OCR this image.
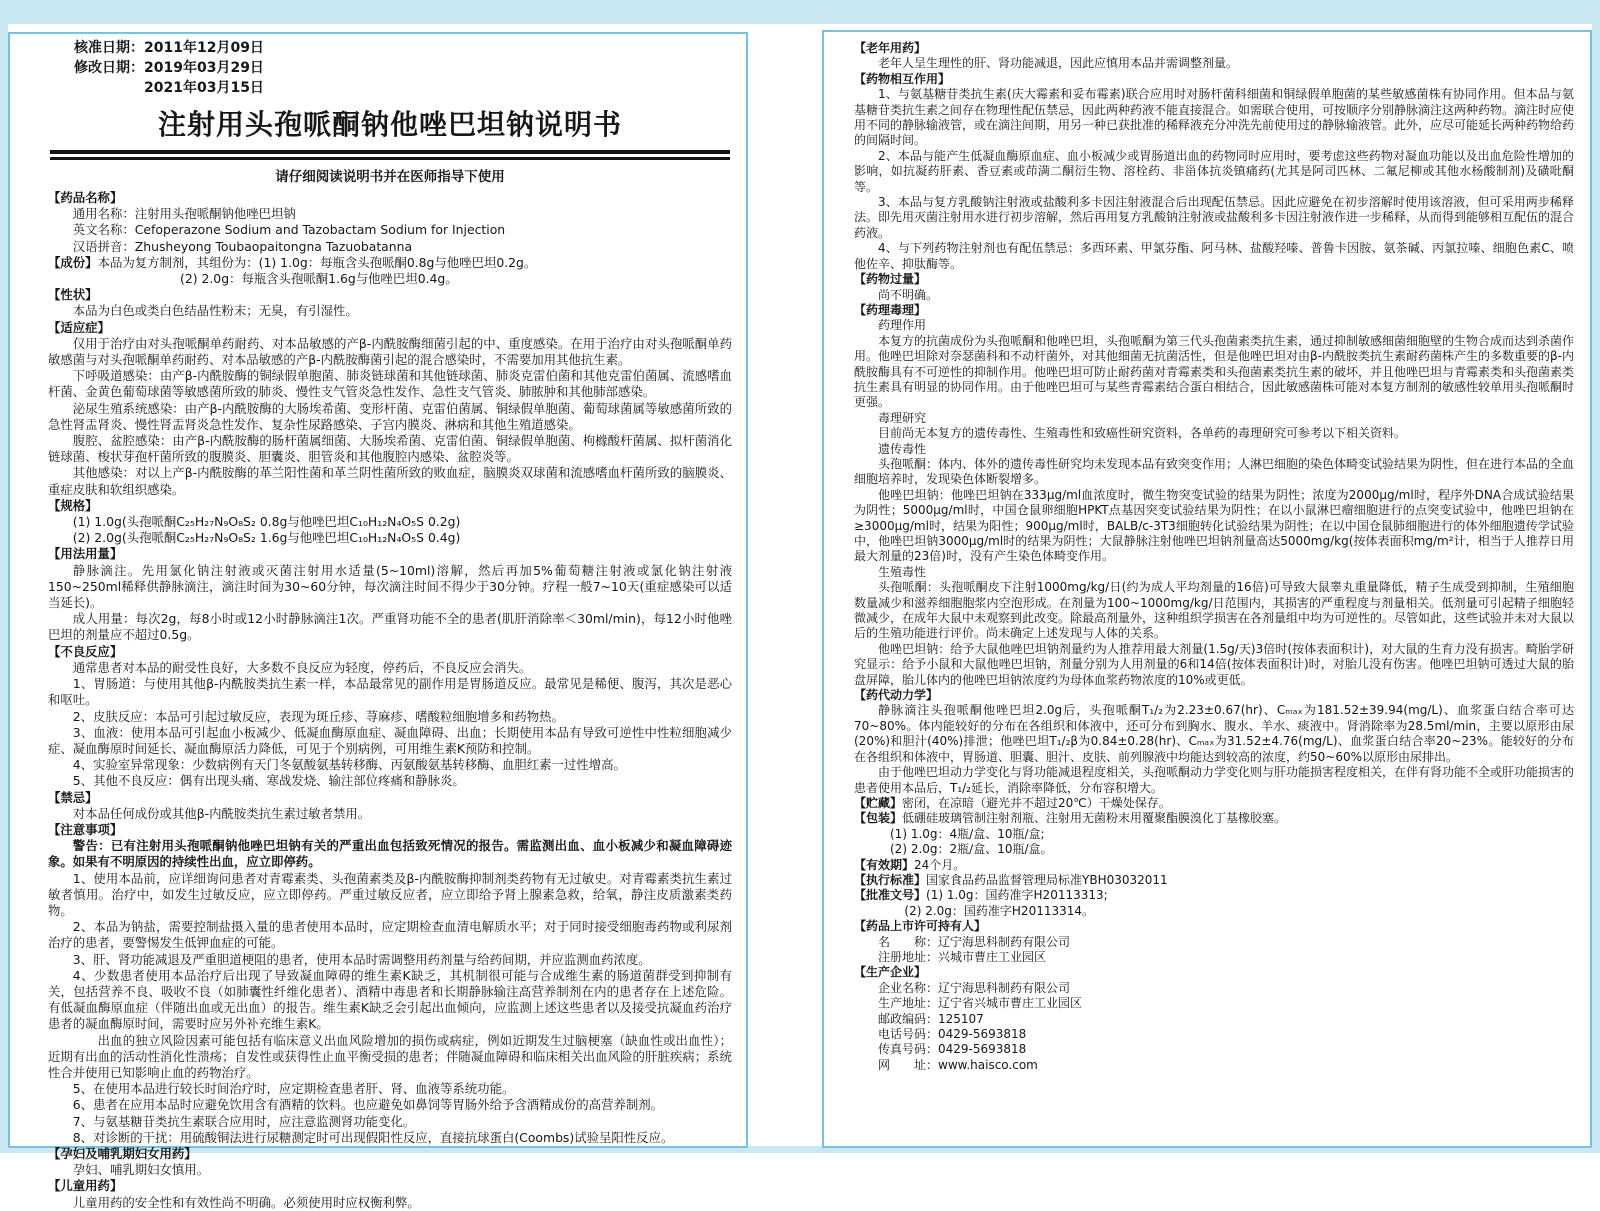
核准日期：2011年12月09日
修改日期：2019年03月29日
2021年03月15日
注射用头孢哌酮钠他唑巴坦钠说明书
请仔细阅读说明书并在医师指导下使用
【药品名称】
通用名称：注射用头孢哌酮钠他唑巴坦钠
英文名称：Cefoperazone Sodium and Tazobactam Sodium for Injection
汉语拼音：Zhusheyong Toubaopaitongna Tazuobatanna
【成份】本品为复方制剂，其组份为：(1) 1.0g：每瓶含头孢哌酮0.8g与他唑巴坦0.2g。
(2) 2.0g：每瓶含头孢哌酮1.6g与他唑巴坦0.4g。
【性状】
本品为白色或类白色结晶性粉末；无臭，有引湿性。
【适应症】
仅用于治疗由对头孢哌酮单药耐药、对本品敏感的产β-内酰胺酶细菌引起的中、重度感染。在用于治疗由对头孢哌酮单药敏感菌与对头孢哌酮单药耐药、对本品敏感的产β-内酰胺酶菌引起的混合感染时，不需要加用其他抗生素。
下呼吸道感染：由产β-内酰胺酶的铜绿假单胞菌、肺炎链球菌和其他链球菌、肺炎克雷伯菌和其他克雷伯菌属、流感嗜血杆菌、金黄色葡萄球菌等敏感菌所致的肺炎、慢性支气管炎急性发作、急性支气管炎、肺脓肿和其他肺部感染。
泌尿生殖系统感染：由产β-内酰胺酶的大肠埃希菌、变形杆菌、克雷伯菌属、铜绿假单胞菌、葡萄球菌属等敏感菌所致的急性肾盂肾炎、慢性肾盂肾炎急性发作、复杂性尿路感染、子宫内膜炎、淋病和其他生殖道感染。
腹腔、盆腔感染：由产β-内酰胺酶的肠杆菌属细菌、大肠埃希菌、克雷伯菌、铜绿假单胞菌、枸橼酸杆菌属、拟杆菌消化链球菌、梭状芽孢杆菌所致的腹膜炎、胆囊炎、胆管炎和其他腹腔内感染、盆腔炎等。
其他感染：对以上产β-内酰胺酶的革兰阳性菌和革兰阴性菌所致的败血症，脑膜炎双球菌和流感嗜血杆菌所致的脑膜炎、重症皮肤和软组织感染。
【规格】
(1) 1.0g(头孢哌酮C₂₅H₂₇N₉O₈S₂ 0.8g与他唑巴坦C₁₀H₁₂N₄O₅S 0.2g)
(2) 2.0g(头孢哌酮C₂₅H₂₇N₉O₈S₂ 1.6g与他唑巴坦C₁₀H₁₂N₄O₅S 0.4g)
【用法用量】
静脉滴注。先用氯化钠注射液或灭菌注射用水适量(5~10ml)溶解，然后再加5%葡萄糖注射液或氯化钠注射液150~250ml稀释供静脉滴注，滴注时间为30~60分钟，每次滴注时间不得少于30分钟。疗程一般7~10天(重症感染可以适当延长)。
成人用量：每次2g，每8小时或12小时静脉滴注1次。严重肾功能不全的患者(肌肝消除率＜30ml/min)，每12小时他唑巴坦的剂量应不超过0.5g。
【不良反应】
通常患者对本品的耐受性良好，大多数不良反应为轻度，停药后，不良反应会消失。
1、胃肠道：与使用其他β-内酰胺类抗生素一样，本品最常见的副作用是胃肠道反应。最常见是稀便、腹泻，其次是恶心和呕吐。
2、皮肤反应：本品可引起过敏反应，表现为斑丘疹、荨麻疹、嗜酸粒细胞增多和药物热。
3、血液：使用本品可引起血小板减少、低凝血酶原血症、凝血障碍、出血；长期使用本品有导致可逆性中性粒细胞减少症、凝血酶原时间延长、凝血酶原活力降低，可见于个别病例，可用维生素K预防和控制。
4、实验室异常现象：少数病例有天门冬氨酸氨基转移酶、丙氨酸氨基转移酶、血胆红素一过性增高。
5、其他不良反应：偶有出现头痛、寒战发烧、输注部位疼痛和静脉炎。
【禁忌】
对本品任何成份或其他β-内酰胺类抗生素过敏者禁用。
【注意事项】
警告：已有注射用头孢哌酮钠他唑巴坦钠有关的严重出血包括致死情况的报告。需监测出血、血小板减少和凝血障碍迹象。如果有不明原因的持续性出血，应立即停药。
1、使用本品前，应详细询问患者对青霉素类、头孢菌素类及β-内酰胺酶抑制剂类药物有无过敏史。对青霉素类抗生素过敏者慎用。治疗中，如发生过敏反应，应立即停药。严重过敏反应者，应立即给予肾上腺素急救，给氧，静注皮质激素类药物。
2、本品为钠盐，需要控制盐摄入量的患者使用本品时，应定期检查血清电解质水平；对于同时接受细胞毒药物或利尿剂治疗的患者，要警惕发生低钾血症的可能。
3、肝、肾功能减退及严重胆道梗阻的患者，使用本品时需调整用药剂量与给药间期，并应监测血药浓度。
4、少数患者使用本品治疗后出现了导致凝血障碍的维生素K缺乏，其机制很可能与合成维生素的肠道菌群受到抑制有关，包括营养不良、吸收不良（如肺囊性纤维化患者）、酒精中毒患者和长期静脉输注高营养制剂在内的患者存在上述危险。有低凝血酶原血症（伴随出血或无出血）的报告。维生素K缺乏会引起出血倾向，应监测上述这些患者以及接受抗凝血药治疗患者的凝血酶原时间，需要时应另外补充维生素K。
出血的独立风险因素可能包括有临床意义出血风险增加的损伤或病症，例如近期发生过脑梗塞（缺血性或出血性）；近期有出血的活动性消化性溃疡；自发性或获得性止血平衡受损的患者；伴随凝血障碍和临床相关出血风险的肝脏疾病；系统性合并使用已知影响止血的药物治疗。
5、在使用本品进行较长时间治疗时，应定期检查患者肝、肾、血液等系统功能。
6、患者在应用本品时应避免饮用含有酒精的饮料。也应避免如鼻饲等胃肠外给予含酒精成份的高营养制剂。
7、与氨基糖苷类抗生素联合应用时，应注意监测肾功能变化。
8、对诊断的干扰：用硫酸铜法进行尿糖测定时可出现假阳性反应，直接抗球蛋白(Coombs)试验呈阳性反应。
【孕妇及哺乳期妇女用药】
孕妇、哺乳期妇女慎用。
【儿童用药】
儿童用药的安全性和有效性尚不明确。必须使用时应权衡利弊。
【老年用药】
老年人呈生理性的肝、肾功能减退，因此应慎用本品并需调整剂量。
【药物相互作用】
1、与氨基糖苷类抗生素(庆大霉素和妥布霉素)联合应用时对肠杆菌科细菌和铜绿假单胞菌的某些敏感菌株有协同作用。但本品与氨基糖苷类抗生素之间存在物理性配伍禁忌，因此两种药液不能直接混合。如需联合使用，可按顺序分别静脉滴注这两种药物。滴注时应使用不同的静脉输液管，或在滴注间期，用另一种已获批准的稀释液充分冲洗先前使用过的静脉输液管。此外，应尽可能延长两种药物给药的间隔时间。
2、本品与能产生低凝血酶原血症、血小板减少或胃肠道出血的药物同时应用时，要考虑这些药物对凝血功能以及出血危险性增加的影响，如抗凝药肝素、香豆素或茚满二酮衍生物、溶栓药、非甾体抗炎镇痛药(尤其是阿司匹林、二氟尼柳或其他水杨酸制剂)及磺吡酮等。
3、本品与复方乳酸钠注射液或盐酸利多卡因注射液混合后出现配伍禁忌。因此应避免在初步溶解时使用该溶液，但可采用两步稀释法。即先用灭菌注射用水进行初步溶解，然后再用复方乳酸钠注射液或盐酸利多卡因注射液作进一步稀释，从而得到能够相互配伍的混合药液。
4、与下列药物注射剂也有配伍禁忌：多西环素、甲氯芬酯、阿马林、盐酸羟嗪、普鲁卡因胺、氨茶碱、丙氯拉嗪、细胞色素C、喷他佐辛、抑肽酶等。
【药物过量】
尚不明确。
【药理毒理】
药理作用
本复方的抗菌成份为头孢哌酮和他唑巴坦，头孢哌酮为第三代头孢菌素类抗生素，通过抑制敏感细菌细胞壁的生物合成而达到杀菌作用。他唑巴坦除对奈瑟菌科和不动杆菌外，对其他细菌无抗菌活性，但是他唑巴坦对由β-内酰胺类抗生素耐药菌株产生的多数重要的β-内酰胺酶具有不可逆性的抑制作用。他唑巴坦可防止耐药菌对青霉素类和头孢菌素类抗生素的破坏，并且他唑巴坦与青霉素类和头孢菌素类抗生素具有明显的协同作用。由于他唑巴坦可与某些青霉素结合蛋白相结合，因此敏感菌株可能对本复方制剂的敏感性较单用头孢哌酮时更强。
毒理研究
目前尚无本复方的遗传毒性、生殖毒性和致癌性研究资料，各单药的毒理研究可参考以下相关资料。
遗传毒性
头孢哌酮：体内、体外的遗传毒性研究均未发现本品有致突变作用；人淋巴细胞的染色体畸变试验结果为阴性，但在进行本品的全血细胞培养时，发现染色体断裂增多。
他唑巴坦钠：他唑巴坦钠在333μg/ml血浓度时，微生物突变试验的结果为阴性；浓度为2000μg/ml时，程序外DNA合成试验结果为阴性；5000μg/ml时，中国仓鼠卵细胞HPKT点基因突变试验结果为阴性；在以小鼠淋巴瘤细胞进行的点突变试验中，他唑巴坦钠在≥3000μg/ml时，结果为阳性；900μg/ml时，BALB/c-3T3细胞转化试验结果为阴性；在以中国仓鼠肺细胞进行的体外细胞遗传学试验中，他唑巴坦钠3000μg/ml时的结果为阴性；大鼠静脉注射他唑巴坦钠剂量高达5000mg/kg(按体表面积mg/m²计，相当于人推荐日用最大剂量的23倍)时，没有产生染色体畸变作用。
生殖毒性
头孢哌酮：头孢哌酮皮下注射1000mg/kg/日(约为成人平均剂量的16倍)可导致大鼠睾丸重量降低，精子生成受到抑制，生殖细胞数量减少和滋养细胞胞浆内空泡形成。在剂量为100~1000mg/kg/日范围内，其损害的严重程度与剂量相关。低剂量可引起精子细胞轻微减少，在成年大鼠中未观察到此改变。除最高剂量外，这种组织学损害在各剂量组中均为可逆性的。尽管如此，这些试验并未对大鼠以后的生殖功能进行评价。尚未确定上述发现与人体的关系。
他唑巴坦钠：给予大鼠他唑巴坦钠剂量约为人推荐用最大剂量(1.5g/天)3倍时(按体表面积计)，对大鼠的生育力没有损害。畸胎学研究显示：给予小鼠和大鼠他唑巴坦钠，剂量分别为人用剂量的6和14倍(按体表面积计)时，对胎儿没有伤害。他唑巴坦钠可透过大鼠的胎盘屏障，胎儿体内的他唑巴坦钠浓度约为母体血浆药物浓度的10%或更低。
【药代动力学】
静脉滴注头孢哌酮他唑巴坦2.0g后，头孢哌酮T₁/₂为2.23±0.67(hr)、Cₘₐₓ为181.52±39.94(mg/L)、血浆蛋白结合率可达70~80%。体内能较好的分布在各组织和体液中，还可分布到胸水、腹水、羊水、痰液中。肾消除率为28.5ml/min，主要以原形由尿(20%)和胆汁(40%)排泄；他唑巴坦T₁/₂β为0.84±0.28(hr)、Cₘₐₓ为31.52±4.76(mg/L)、血浆蛋白结合率20~23%。能较好的分布在各组织和体液中，胃肠道、胆囊、胆汁、皮肤、前列腺液中均能达到较高的浓度，约50~60%以原形由尿排出。
由于他唑巴坦动力学变化与肾功能减退程度相关，头孢哌酮动力学变化则与肝功能损害程度相关，在伴有肾功能不全或肝功能损害的患者使用本品后，T₁/₂延长，消除率降低，分布容积增大。
【贮藏】密闭，在凉暗（避光并不超过20℃）干燥处保存。
【包装】低硼硅玻璃管制注射剂瓶、注射用无菌粉末用覆聚酯膜溴化丁基橡胶塞。
(1) 1.0g：4瓶/盒、10瓶/盒;
(2) 2.0g：2瓶/盒、10瓶/盒。
【有效期】24个月。
【执行标准】国家食品药品监督管理局标准YBH03032011
【批准文号】(1) 1.0g：国药准字H20113313;
(2) 2.0g：国药准字H20113314。
【药品上市许可持有人】
名　　称：辽宁海思科制药有限公司
注册地址：兴城市曹庄工业园区
【生产企业】
企业名称：辽宁海思科制药有限公司
生产地址：辽宁省兴城市曹庄工业园区
邮政编码：125107
电话号码：0429-5693818
传真号码：0429-5693818
网　　址：www.haisco.com
